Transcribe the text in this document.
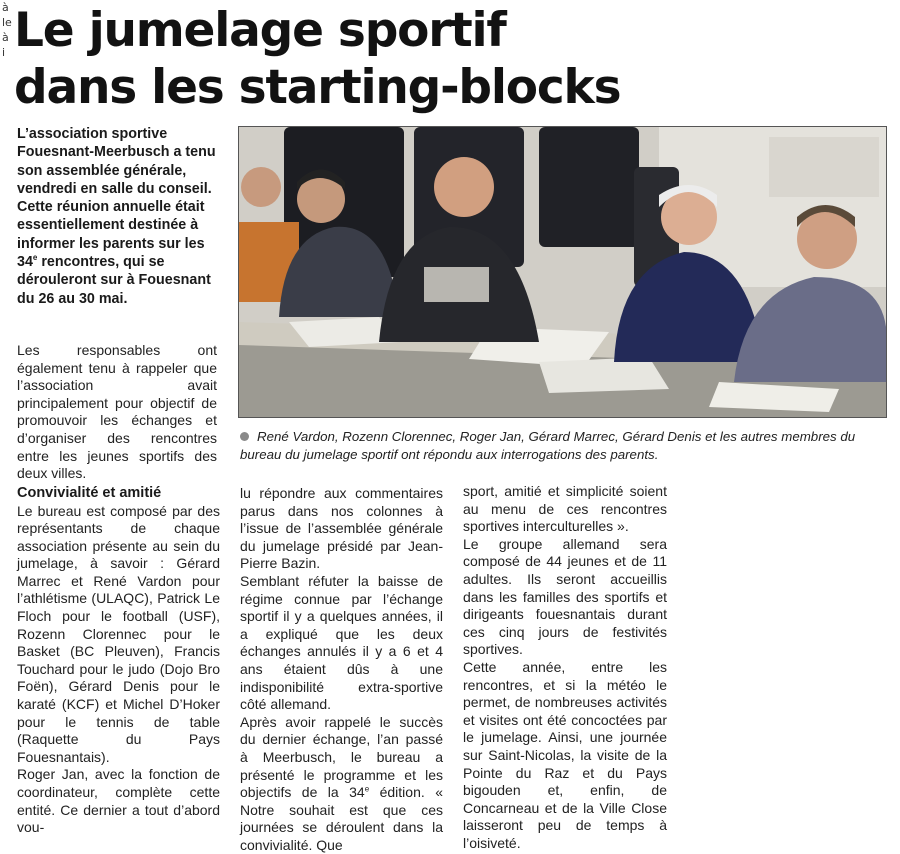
à
le
à
i Le jumelage sportif
dans les starting-blocks
L’association sportive Fouesnant-Meerbusch a tenu son assemblée générale, vendredi en salle du conseil. Cette réunion annuelle était essentiellement destinée à informer les parents sur les 34e rencontres, qui se dérouleront sur à Fouesnant du 26 au 30 mai.

Les responsables ont également tenu à rappeler que l’association avait principalement pour objectif de promouvoir les échanges et d’organiser des rencontres entre les jeunes sportifs des deux villes.

Convivialité et amitié

Le bureau est composé par des représentants de chaque association présente au sein du jumelage, à savoir : Gérard Marrec et René Vardon pour l’athlétisme (ULAQC), Patrick Le Floch pour le football (USF), Rozenn Clorennec pour le Basket (BC Pleuven), Francis Touchard pour le judo (Dojo Bro Foën), Gérard Denis pour le karaté (KCF) et Michel D’Hoker pour le tennis de table (Raquette du Pays Fouesnantais).

Roger Jan, avec la fonction de coordinateur, complète cette entité. Ce dernier a tout d’abord vou-

lu répondre aux commentaires parus dans nos colonnes à l’issue de l’assemblée générale du jumelage présidé par Jean-Pierre Bazin.

Semblant réfuter la baisse de régime connue par l’échange sportif il y a quelques années, il a expliqué que les deux échanges annulés il y a 6 et 4 ans étaient dûs à une indisponibilité extra-sportive côté allemand.

Après avoir rappelé le succès du dernier échange, l’an passé à Meerbusch, le bureau a présenté le programme et les objectifs de la 34e édition. « Notre souhait est que ces journées se déroulent dans la convivialité. Que

sport, amitié et simplicité soient au menu de ces rencontres sportives interculturelles ».

Le groupe allemand sera composé de 44 jeunes et de 11 adultes. Ils seront accueillis dans les familles des sportifs et dirigeants fouesnantais durant ces cinq jours de festivités sportives.

Cette année, entre les rencontres, et si la météo le permet, de nombreuses activités et visites ont été concoctées par le jumelage. Ainsi, une journée sur Saint-Nicolas, la visite de la Pointe du Raz et du Pays bigouden et, enfin, de Concarneau et de la Ville Close laisseront peu de temps à l’oisiveté.

René Vardon, Rozenn Clorennec, Roger Jan, Gérard Marrec, Gérard Denis et les autres membres du bureau du jumelage sportif ont répondu aux interrogations des parents.
